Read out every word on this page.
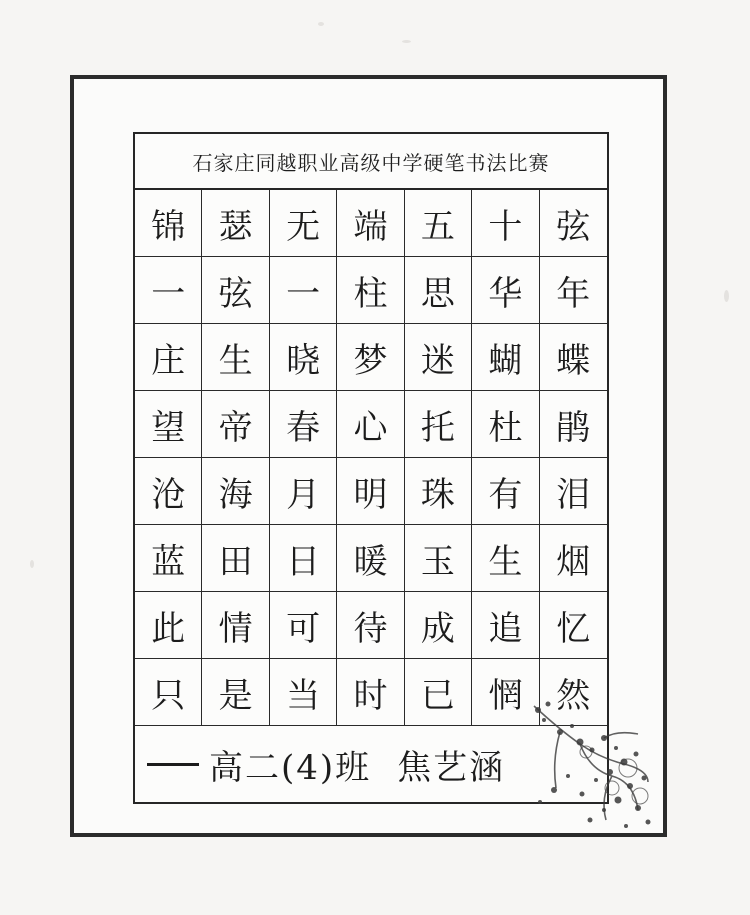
石家庄同越职业高级中学硬笔书法比赛
锦 瑟 无 端 五 十 弦
一 弦 一 柱 思 华 年
庄 生 晓 梦 迷 蝴 蝶
望 帝 春 心 托 杜 鹃
沧 海 月 明 珠 有 泪
蓝 田 日 暖 玉 生 烟
此 情 可 待 成 追 忆
只 是 当 时 已 惘 然
高二(4)班 焦艺涵
